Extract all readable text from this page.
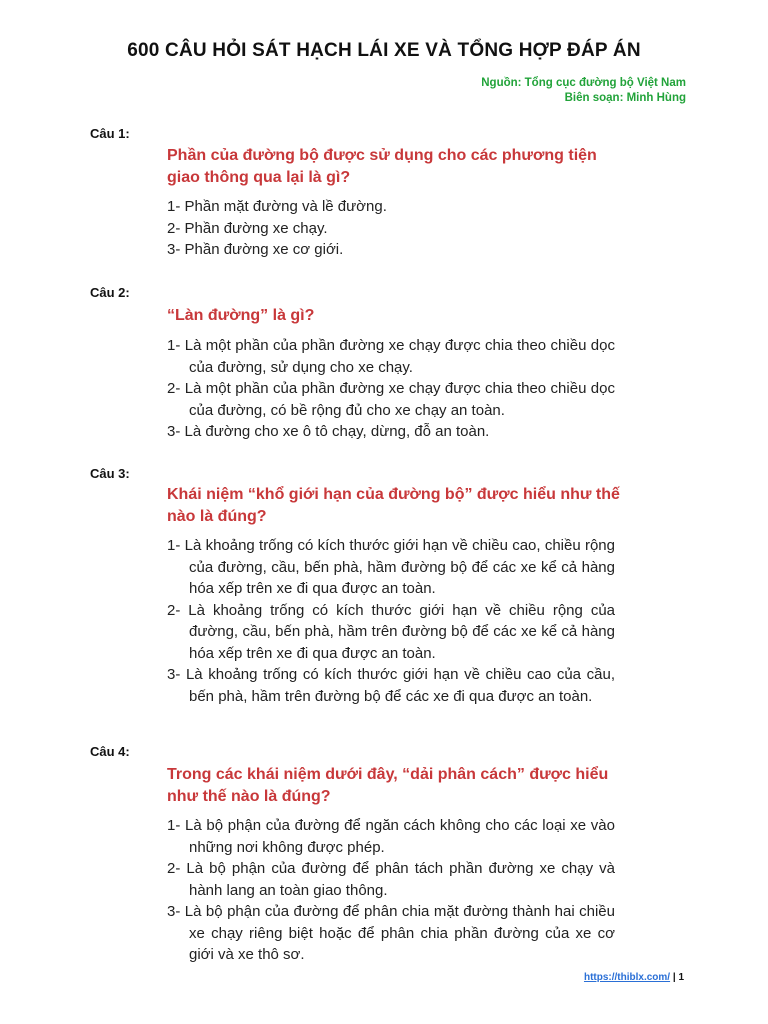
600 CÂU HỎI SÁT HẠCH LÁI XE VÀ TỔNG HỢP ĐÁP ÁN
Nguồn: Tổng cục đường bộ Việt Nam
Biên soạn: Minh Hùng
Câu 1:
Phần của đường bộ được sử dụng cho các phương tiện giao thông qua lại là gì?
1- Phần mặt đường và lề đường.
2- Phần đường xe chạy.
3- Phần đường xe cơ giới.
Câu 2:
“Làn đường” là gì?
1- Là một phần của phần đường xe chạy được chia theo chiều dọc của đường, sử dụng cho xe chạy.
2- Là một phần của phần đường xe chạy được chia theo chiều dọc của đường, có bề rộng đủ cho xe chạy an toàn.
3- Là đường cho xe ô tô chạy, dừng, đỗ an toàn.
Câu 3:
Khái niệm “khổ giới hạn của đường bộ” được hiểu như thế nào là đúng?
1- Là khoảng trống có kích thước giới hạn về chiều cao, chiều rộng của đường, cầu, bến phà, hầm đường bộ để các xe kể cả hàng hóa xếp trên xe đi qua được an toàn.
2- Là khoảng trống có kích thước giới hạn về chiều rộng của đường, cầu, bến phà, hầm trên đường bộ để các xe kể cả hàng hóa xếp trên xe đi qua được an toàn.
3- Là khoảng trống có kích thước giới hạn về chiều cao của cầu, bến phà, hầm trên đường bộ để các xe đi qua được an toàn.
Câu 4:
Trong các khái niệm dưới đây, “dải phân cách” được hiểu như thế nào là đúng?
1- Là bộ phận của đường để ngăn cách không cho các loại xe vào những nơi không được phép.
2- Là bộ phận của đường để phân tách phần đường xe chạy và hành lang an toàn giao thông.
3- Là bộ phận của đường để phân chia mặt đường thành hai chiều xe chạy riêng biệt hoặc để phân chia phần đường của xe cơ giới và xe thô sơ.
https://thiblx.com/ | 1
